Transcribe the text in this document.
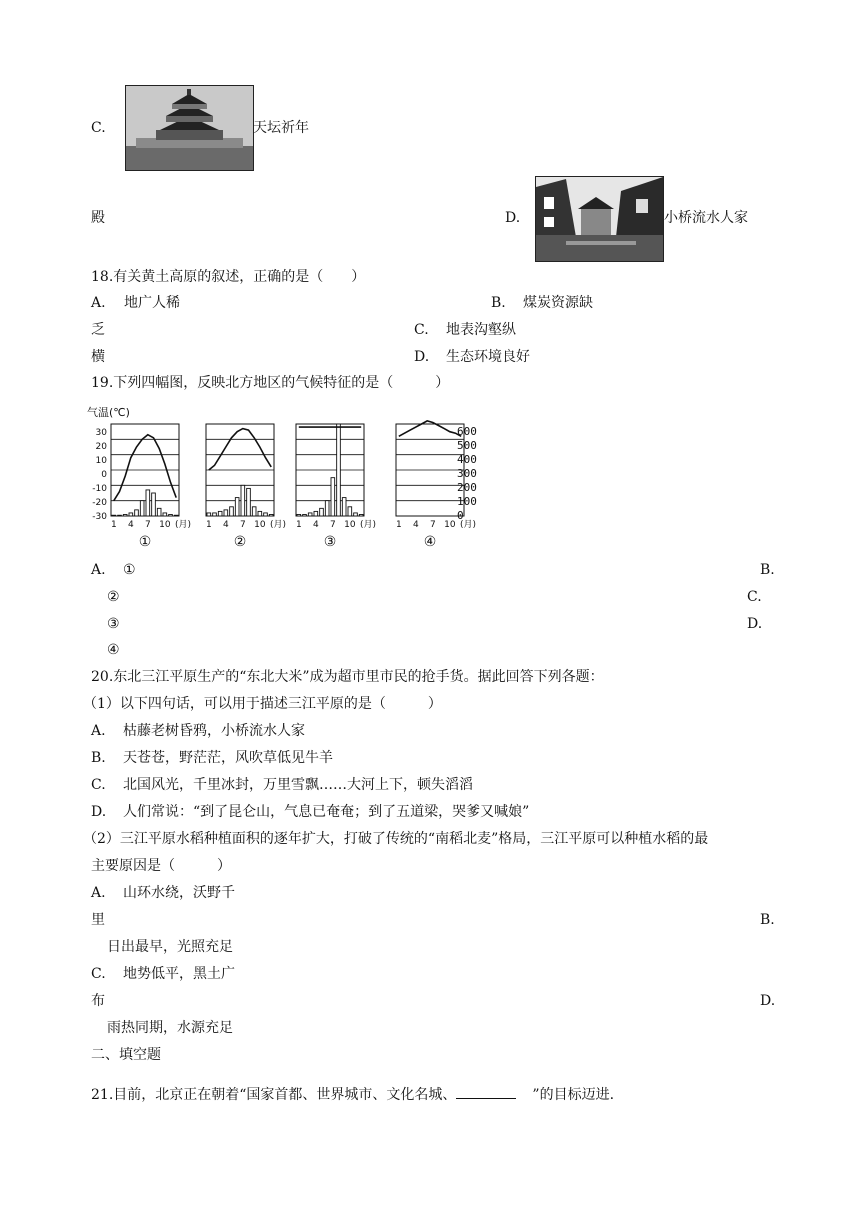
C.	天坛祈年
殿	D.	小桥流水人家
18.有关黄土高原的叙述，正确的是（　　）
A. 地广人稀	B. 煤炭资源缺
乏	C. 地表沟壑纵
横	D. 生态环境良好
19.下列四幅图，反映北方地区的气候特征的是（　　　）
气温(℃)
30
20
10
0
-10
-20
-30
600
500
400
300
200
100
0
1 4 7 10 (月)
①
1 4 7 10 (月)
②
1 4 7 10 (月)
③
1 4 7 10 (月)
④
A. ①	B.
②	C.
③	D.
④
20.东北三江平原生产的“东北大米”成为超市里市民的抢手货。据此回答下列各题：
（1）以下四句话，可以用于描述三江平原的是（　　　）
A. 枯藤老树昏鸦，小桥流水人家
B. 天苍苍，野茫茫，风吹草低见牛羊
C. 北国风光，千里冰封，万里雪飘……大河上下，顿失滔滔
D. 人们常说：“到了昆仑山，气息已奄奄；到了五道梁，哭爹又喊娘”
（2）三江平原水稻种植面积的逐年扩大，打破了传统的“南稻北麦”格局，三江平原可以种植水稻的最
主要原因是（　　　）
A. 山环水绕，沃野千
里	B.
日出最早，光照充足
C. 地势低平，黑土广
布	D.
雨热同期，水源充足
二、填空题
21.目前，北京正在朝着“国家首都、世界城市、文化名城、	”的目标迈进.
